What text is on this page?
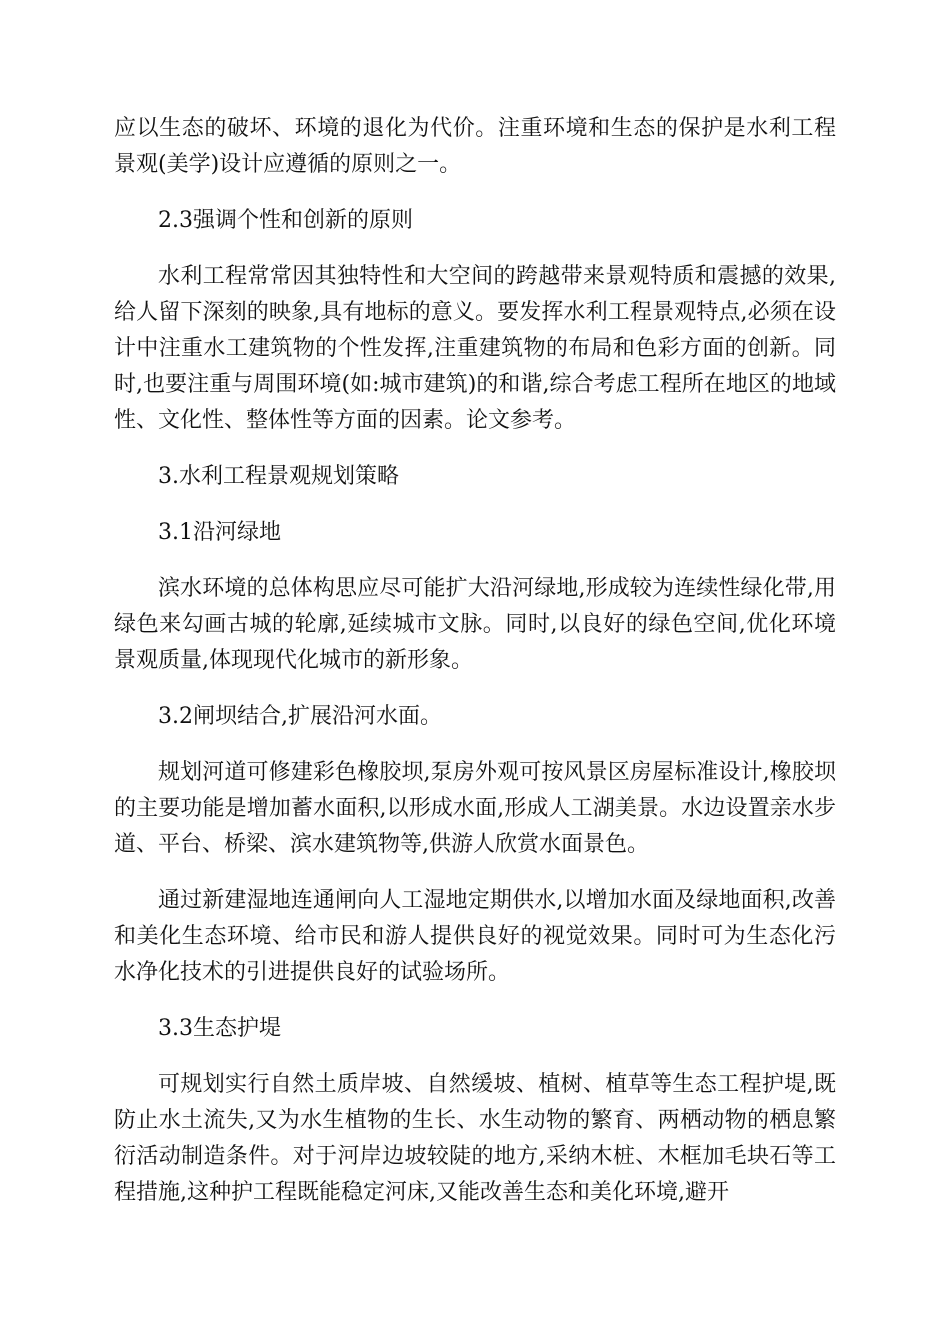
应以生态的破坏、环境的退化为代价。注重环境和生态的保护是水利工程景观(美学)设计应遵循的原则之一。

2.3强调个性和创新的原则

水利工程常常因其独特性和大空间的跨越带来景观特质和震撼的效果,给人留下深刻的映象,具有地标的意义。要发挥水利工程景观特点,必须在设计中注重水工建筑物的个性发挥,注重建筑物的布局和色彩方面的创新。同时,也要注重与周围环境(如:城市建筑)的和谐,综合考虑工程所在地区的地域性、文化性、整体性等方面的因素。论文参考。

3.水利工程景观规划策略

3.1沿河绿地

滨水环境的总体构思应尽可能扩大沿河绿地,形成较为连续性绿化带,用绿色来勾画古城的轮廓,延续城市文脉。同时,以良好的绿色空间,优化环境景观质量,体现现代化城市的新形象。

3.2闸坝结合,扩展沿河水面。

规划河道可修建彩色橡胶坝,泵房外观可按风景区房屋标准设计,橡胶坝的主要功能是增加蓄水面积,以形成水面,形成人工湖美景。水边设置亲水步道、平台、桥梁、滨水建筑物等,供游人欣赏水面景色。

通过新建湿地连通闸向人工湿地定期供水,以增加水面及绿地面积,改善和美化生态环境、给市民和游人提供良好的视觉效果。同时可为生态化污水净化技术的引进提供良好的试验场所。

3.3生态护堤

可规划实行自然土质岸坡、自然缓坡、植树、植草等生态工程护堤,既防止水土流失,又为水生植物的生长、水生动物的繁育、两栖动物的栖息繁衍活动制造条件。对于河岸边坡较陡的地方,采纳木桩、木框加毛块石等工程措施,这种护工程既能稳定河床,又能改善生态和美化环境,避开
